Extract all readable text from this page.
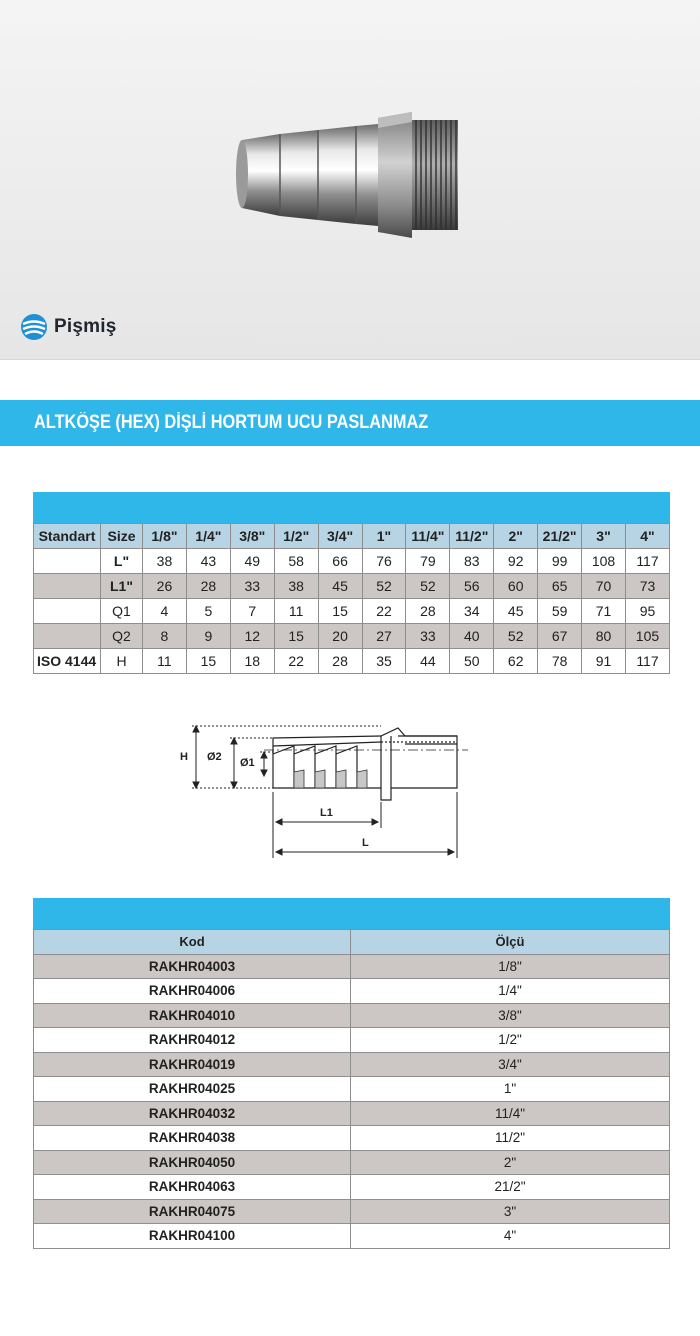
Pişmiş
ALTKÖŞE (HEX) DİŞLİ HORTUM UCU PASLANMAZ
Standart	Size	1/8"	1/4"	3/8"	1/2"	3/4"	1"	11/4"	11/2"	2"	21/2"	3"	4"
	L"	38	43	49	58	66	76	79	83	92	99	108	117
	L1"	26	28	33	38	45	52	52	56	60	65	70	73
	Q1	4	5	7	11	15	22	28	34	45	59	71	95
	Q2	8	9	12	15	20	27	33	40	52	67	80	105
ISO 4144	H	11	15	18	22	28	35	44	50	62	78	91	117
H Ø2 Ø1
L1
L
Kod	Ölçü
RAKHR04003	1/8"
RAKHR04006	1/4"
RAKHR04010	3/8"
RAKHR04012	1/2"
RAKHR04019	3/4"
RAKHR04025	1"
RAKHR04032	11/4"
RAKHR04038	11/2"
RAKHR04050	2"
RAKHR04063	21/2"
RAKHR04075	3"
RAKHR04100	4"
